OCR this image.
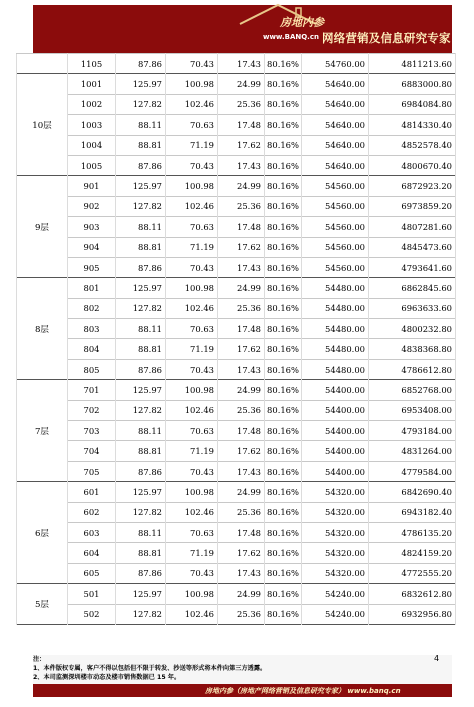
房地内参
www.BANQ.cn 网络营销及信息研究专家
	1105	87.86	70.43	17.43	80.16%	54760.00	4811213.60
10层	1001	125.97	100.98	24.99	80.16%	54640.00	6883000.80
	1002	127.82	102.46	25.36	80.16%	54640.00	6984084.80
	1003	88.11	70.63	17.48	80.16%	54640.00	4814330.40
	1004	88.81	71.19	17.62	80.16%	54640.00	4852578.40
	1005	87.86	70.43	17.43	80.16%	54640.00	4800670.40
9层	901	125.97	100.98	24.99	80.16%	54560.00	6872923.20
	902	127.82	102.46	25.36	80.16%	54560.00	6973859.20
	903	88.11	70.63	17.48	80.16%	54560.00	4807281.60
	904	88.81	71.19	17.62	80.16%	54560.00	4845473.60
	905	87.86	70.43	17.43	80.16%	54560.00	4793641.60
8层	801	125.97	100.98	24.99	80.16%	54480.00	6862845.60
	802	127.82	102.46	25.36	80.16%	54480.00	6963633.60
	803	88.11	70.63	17.48	80.16%	54480.00	4800232.80
	804	88.81	71.19	17.62	80.16%	54480.00	4838368.80
	805	87.86	70.43	17.43	80.16%	54480.00	4786612.80
7层	701	125.97	100.98	24.99	80.16%	54400.00	6852768.00
	702	127.82	102.46	25.36	80.16%	54400.00	6953408.00
	703	88.11	70.63	17.48	80.16%	54400.00	4793184.00
	704	88.81	71.19	17.62	80.16%	54400.00	4831264.00
	705	87.86	70.43	17.43	80.16%	54400.00	4779584.00
6层	601	125.97	100.98	24.99	80.16%	54320.00	6842690.40
	602	127.82	102.46	25.36	80.16%	54320.00	6943182.40
	603	88.11	70.63	17.48	80.16%	54320.00	4786135.20
	604	88.81	71.19	17.62	80.16%	54320.00	4824159.20
	605	87.86	70.43	17.43	80.16%	54320.00	4772555.20
5层	501	125.97	100.98	24.99	80.16%	54240.00	6832612.80
	502	127.82	102.46	25.36	80.16%	54240.00	6932956.80
注：
1、本件版权专属，客户不得以包括但不限于转发、抄送等形式将本件向第三方透露。
2、本司监测深圳楼市动态及楼市销售数据已 15 年。
4
房地内参（房地产网络营销及信息研究专家） www.banq.cn
